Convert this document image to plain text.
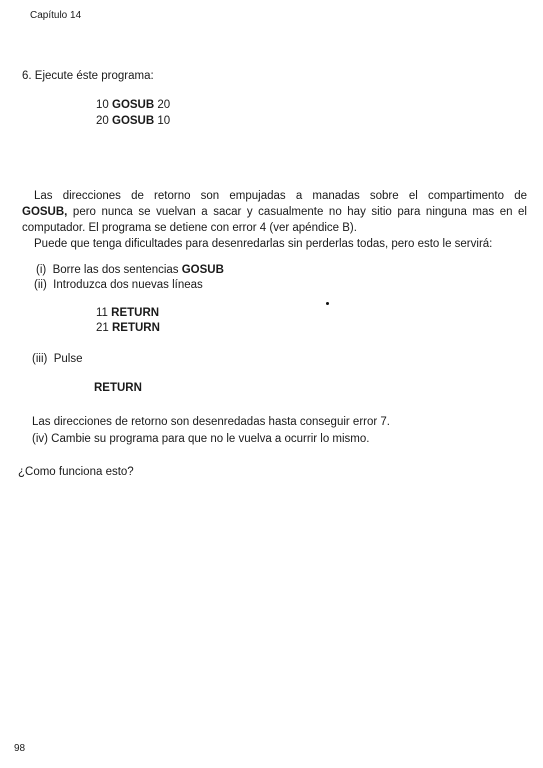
Capítulo 14
6. Ejecute éste programa:
10 GOSUB 20
20 GOSUB 10
Las direcciones de retorno son empujadas a manadas sobre el compartimento de
GOSUB, pero nunca se vuelvan a sacar y casualmente no hay sitio para ninguna mas en el
computador. El programa se detiene con error 4 (ver apéndice B).
Puede que tenga dificultades para desenredarlas sin perderlas todas, pero esto le servirá:
(i) Borre las dos sentencias GOSUB
(ii) Introduzca dos nuevas líneas
11 RETURN
21 RETURN
(iii) Pulse
RETURN
Las direcciones de retorno son desenredadas hasta conseguir error 7.
(iv) Cambie su programa para que no le vuelva a ocurrir lo mismo.
¿Como funciona esto?
98
